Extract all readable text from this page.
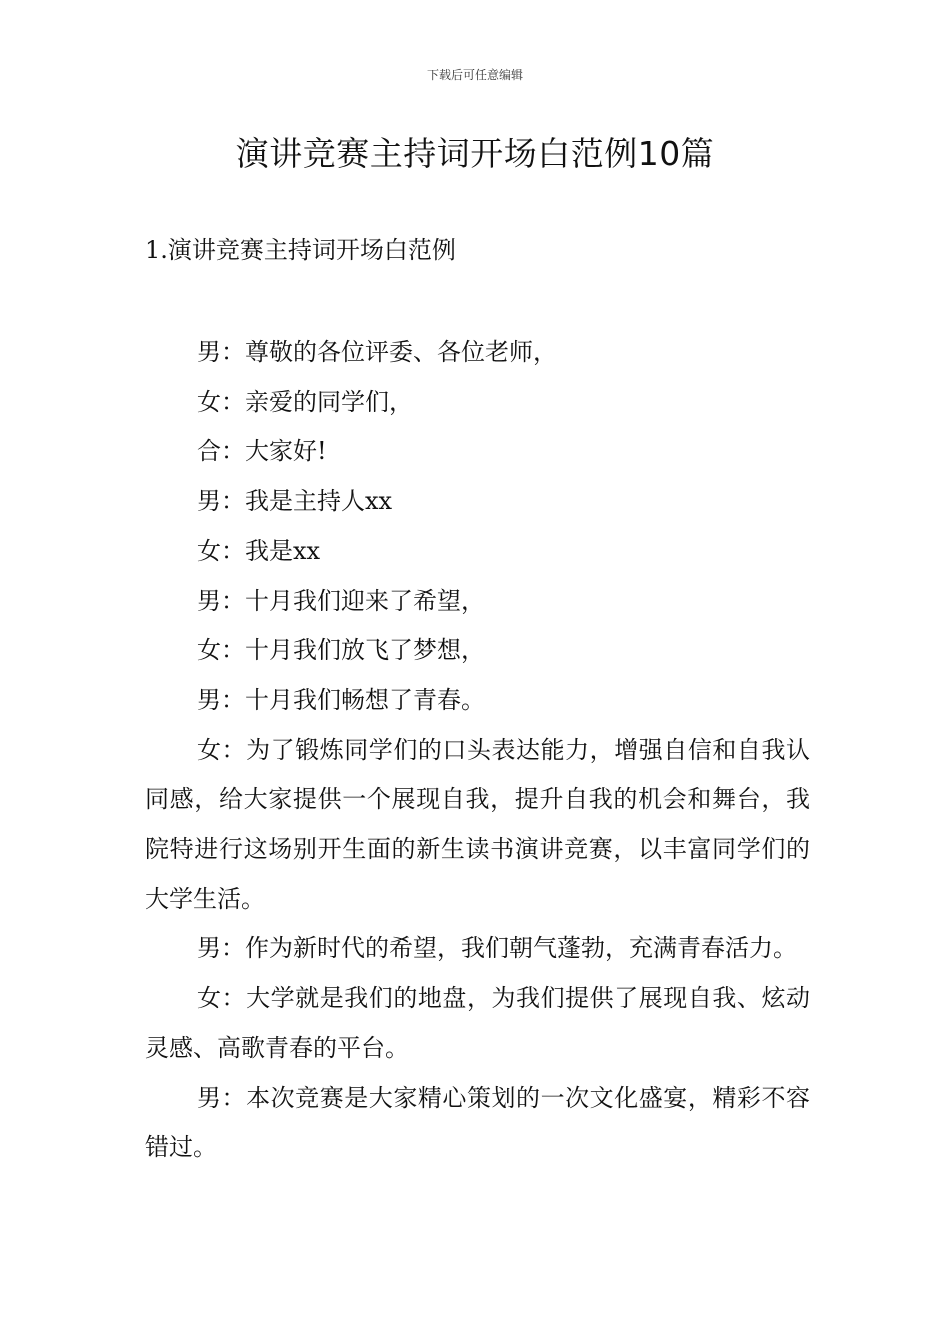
下载后可任意编辑
演讲竞赛主持词开场白范例10篇
1.演讲竞赛主持词开场白范例

男：尊敬的各位评委、各位老师，

女：亲爱的同学们，

合：大家好!

男：我是主持人xx

女：我是xx

男：十月我们迎来了希望，

女：十月我们放飞了梦想，

男：十月我们畅想了青春。

女：为了锻炼同学们的口头表达能力，增强自信和自我认同感，给大家提供一个展现自我，提升自我的机会和舞台，我院特进行这场别开生面的新生读书演讲竞赛，以丰富同学们的大学生活。

男：作为新时代的希望，我们朝气蓬勃，充满青春活力。

女：大学就是我们的地盘，为我们提供了展现自我、炫动灵感、高歌青春的平台。

男：本次竞赛是大家精心策划的一次文化盛宴，精彩不容错过。
